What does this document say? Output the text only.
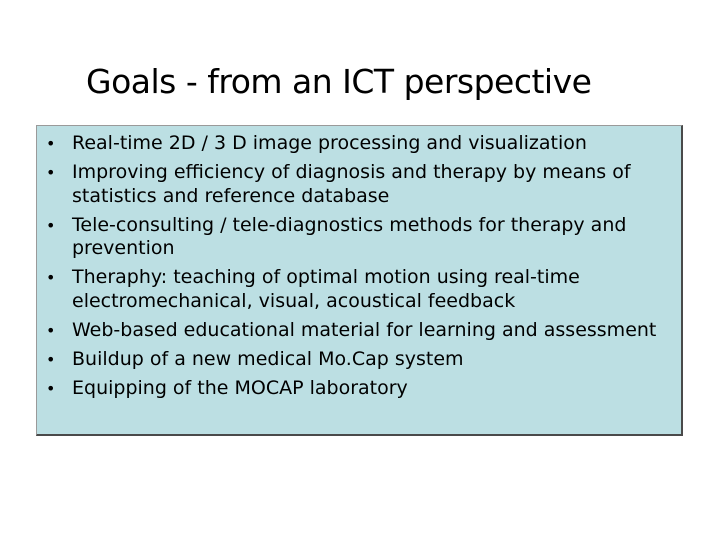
Goals - from an ICT perspective
• Real-time 2D / 3 D image processing and visualization
• Improving efficiency of diagnosis and therapy by means of statistics and reference database
• Tele-consulting / tele-diagnostics methods for therapy and prevention
• Theraphy: teaching of optimal motion using real-time electromechanical, visual, acoustical feedback
• Web-based educational material for learning and assessment
• Buildup of a new medical Mo.Cap system
• Equipping of the MOCAP laboratory
